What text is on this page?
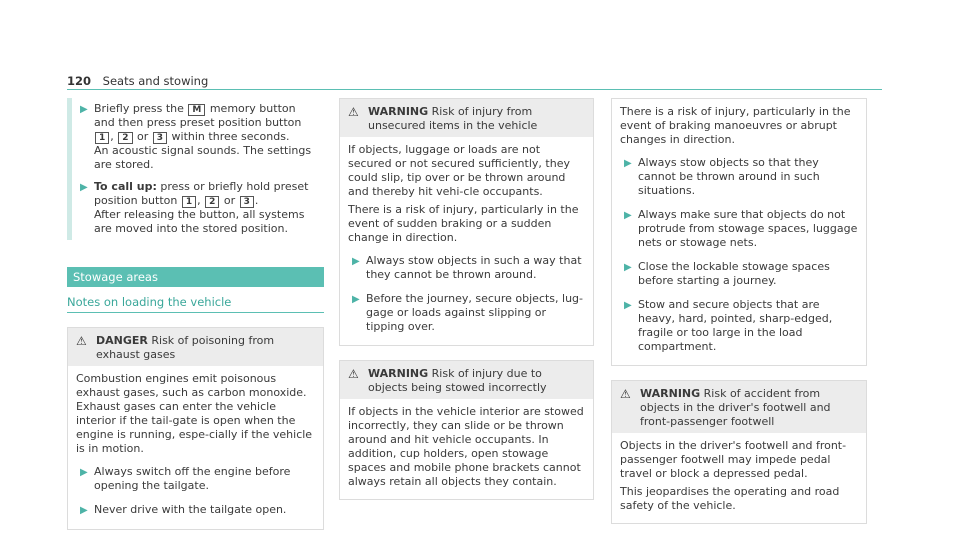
120 Seats and stowing
▶ Briefly press the M memory button and then press preset position button 1 , 2 or 3 within three seconds.
An acoustic signal sounds. The settings are stored.
▶ To call up: press or briefly hold preset position button 1 , 2 or 3 .
After releasing the button, all systems are moved into the stored position.
Stowage areas
Notes on loading the vehicle
⚠ DANGER Risk of poisoning from exhaust gases

Combustion engines emit poisonous exhaust gases, such as carbon monoxide. Exhaust gases can enter the vehicle interior if the tail-gate is open when the engine is running, espe-cially if the vehicle is in motion.

▶ Always switch off the engine before opening the tailgate.
▶ Never drive with the tailgate open.
⚠ WARNING Risk of injury from unsecured items in the vehicle

If objects, luggage or loads are not secured or not secured sufficiently, they could slip, tip over or be thrown around and thereby hit vehi-cle occupants.

There is a risk of injury, particularly in the event of sudden braking or a sudden change in direction.

▶ Always stow objects in such a way that they cannot be thrown around.
▶ Before the journey, secure objects, lug-gage or loads against slipping or tipping over.
⚠ WARNING Risk of injury due to objects being stowed incorrectly

If objects in the vehicle interior are stowed incorrectly, they can slide or be thrown around and hit vehicle occupants. In addition, cup holders, open stowage spaces and mobile phone brackets cannot always retain all objects they contain.

There is a risk of injury, particularly in the event of braking manoeuvres or abrupt changes in direction.

▶ Always stow objects so that they cannot be thrown around in such situations.
▶ Always make sure that objects do not protrude from stowage spaces, luggage nets or stowage nets.
▶ Close the lockable stowage spaces before starting a journey.
▶ Stow and secure objects that are heavy, hard, pointed, sharp-edged, fragile or too large in the load compartment.
⚠ WARNING Risk of accident from objects in the driver's footwell and front-passenger footwell

Objects in the driver's footwell and front-passenger footwell may impede pedal travel or block a depressed pedal.

This jeopardises the operating and road safety of the vehicle.
